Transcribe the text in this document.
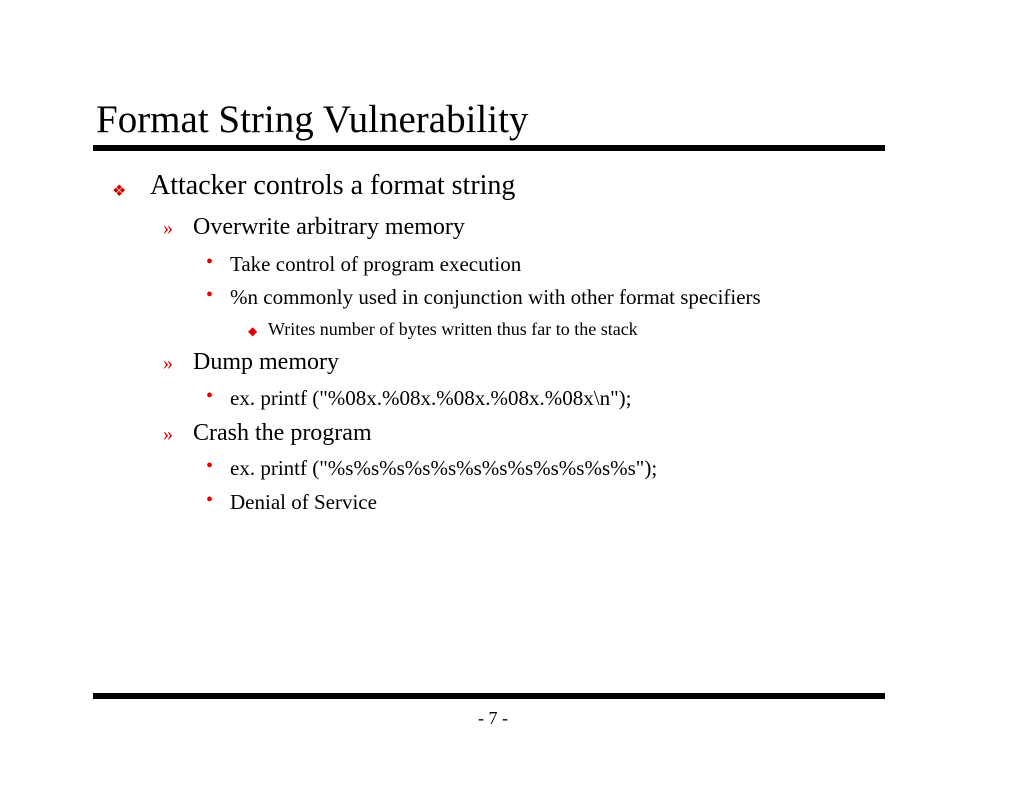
Format String Vulnerability
❖ Attacker controls a format string
» Overwrite arbitrary memory
• Take control of program execution
• %n commonly used in conjunction with other format specifiers
◆ Writes number of bytes written thus far to the stack
» Dump memory
• ex. printf ("%08x.%08x.%08x.%08x.%08x\n");
» Crash the program
• ex. printf ("%s%s%s%s%s%s%s%s%s%s%s%s");
• Denial of Service
- 7 -
